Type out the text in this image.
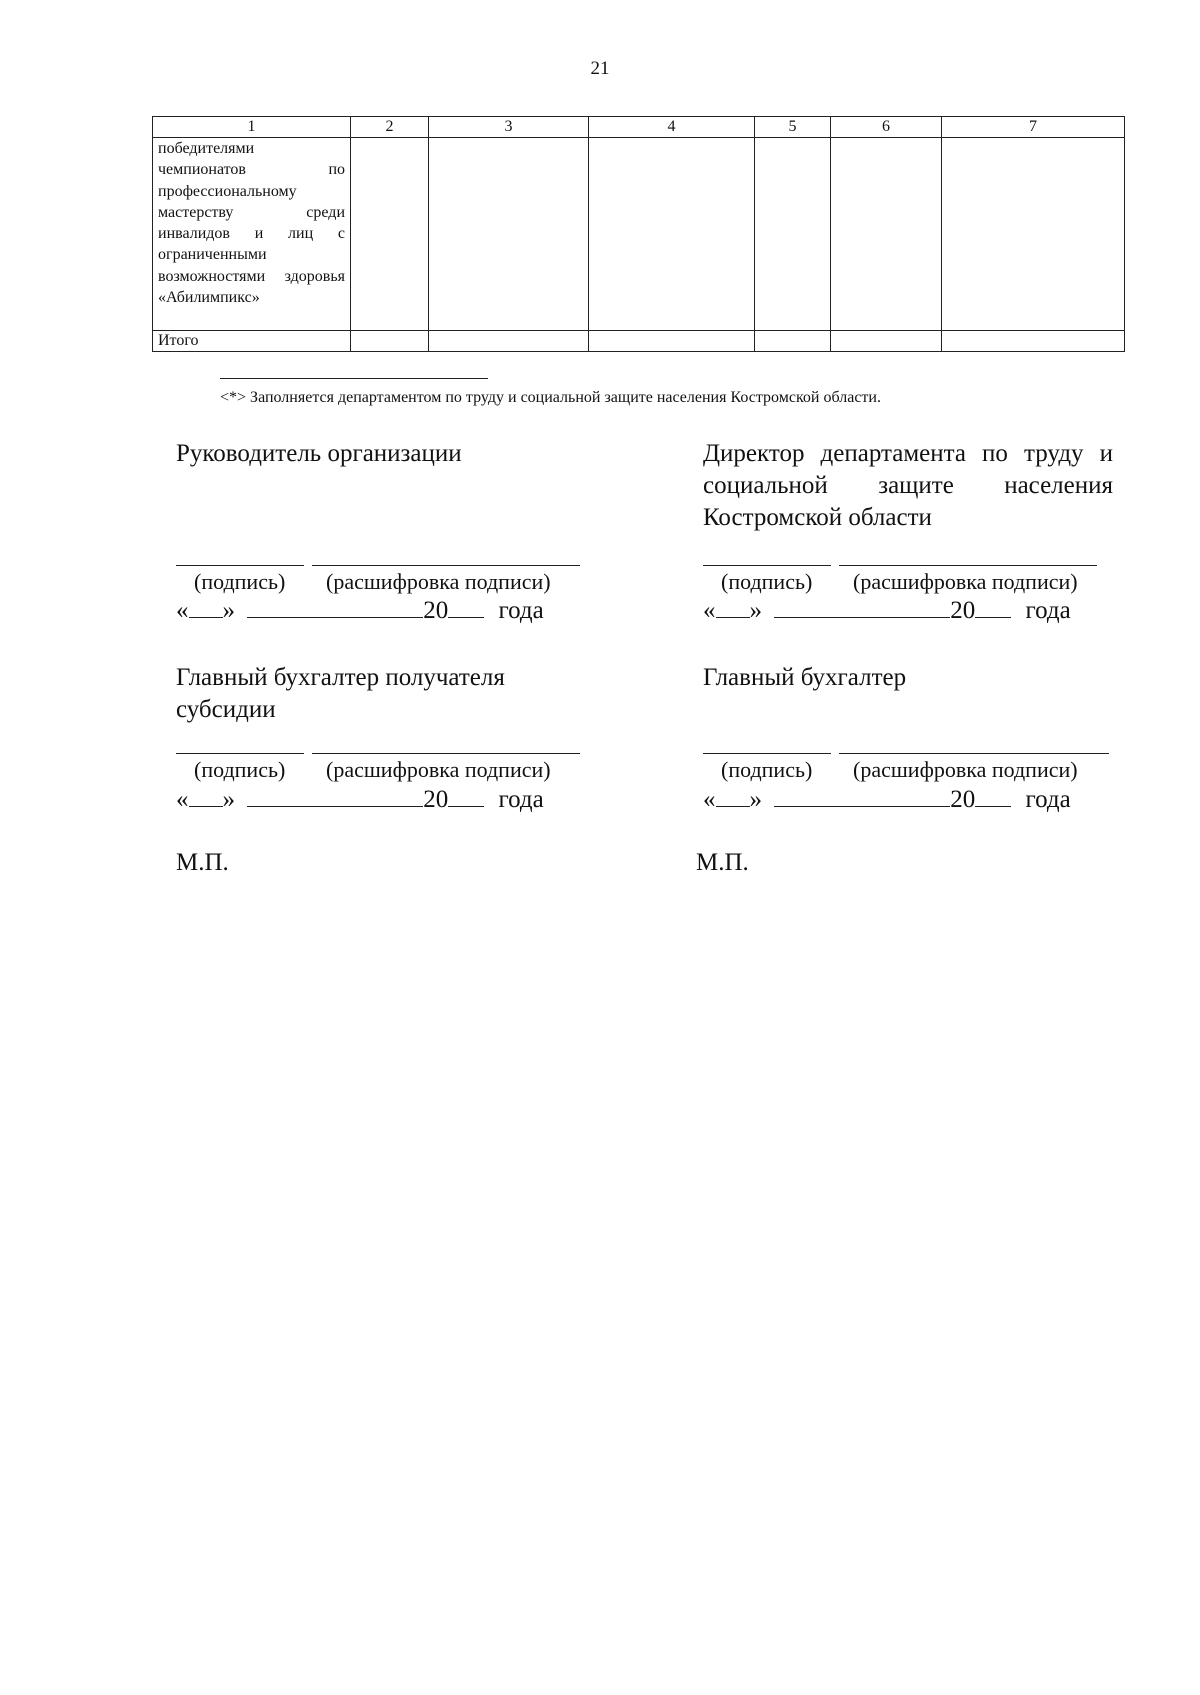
21
1	2	3	4	5	6	7

победителями чемпионатов по профессиональному мастерству среди инвалидов и лиц с ограниченными возможностями здоровья «Абилимпикс»						

Итого						
<*> Заполняется департаментом по труду и социальной защите населения Костромской области.
Руководитель организации
(подпись) (расшифровка подписи)
« »	20 года
Главный бухгалтер получателя субсидии
(подпись) (расшифровка подписи)
« »	20 года
М.П.
Директор департамента по труду и социальной защите населения Костромской области
(подпись) (расшифровка подписи)
« »	20 года
Главный бухгалтер
(подпись) (расшифровка подписи)
« »	20 года
М.П.
